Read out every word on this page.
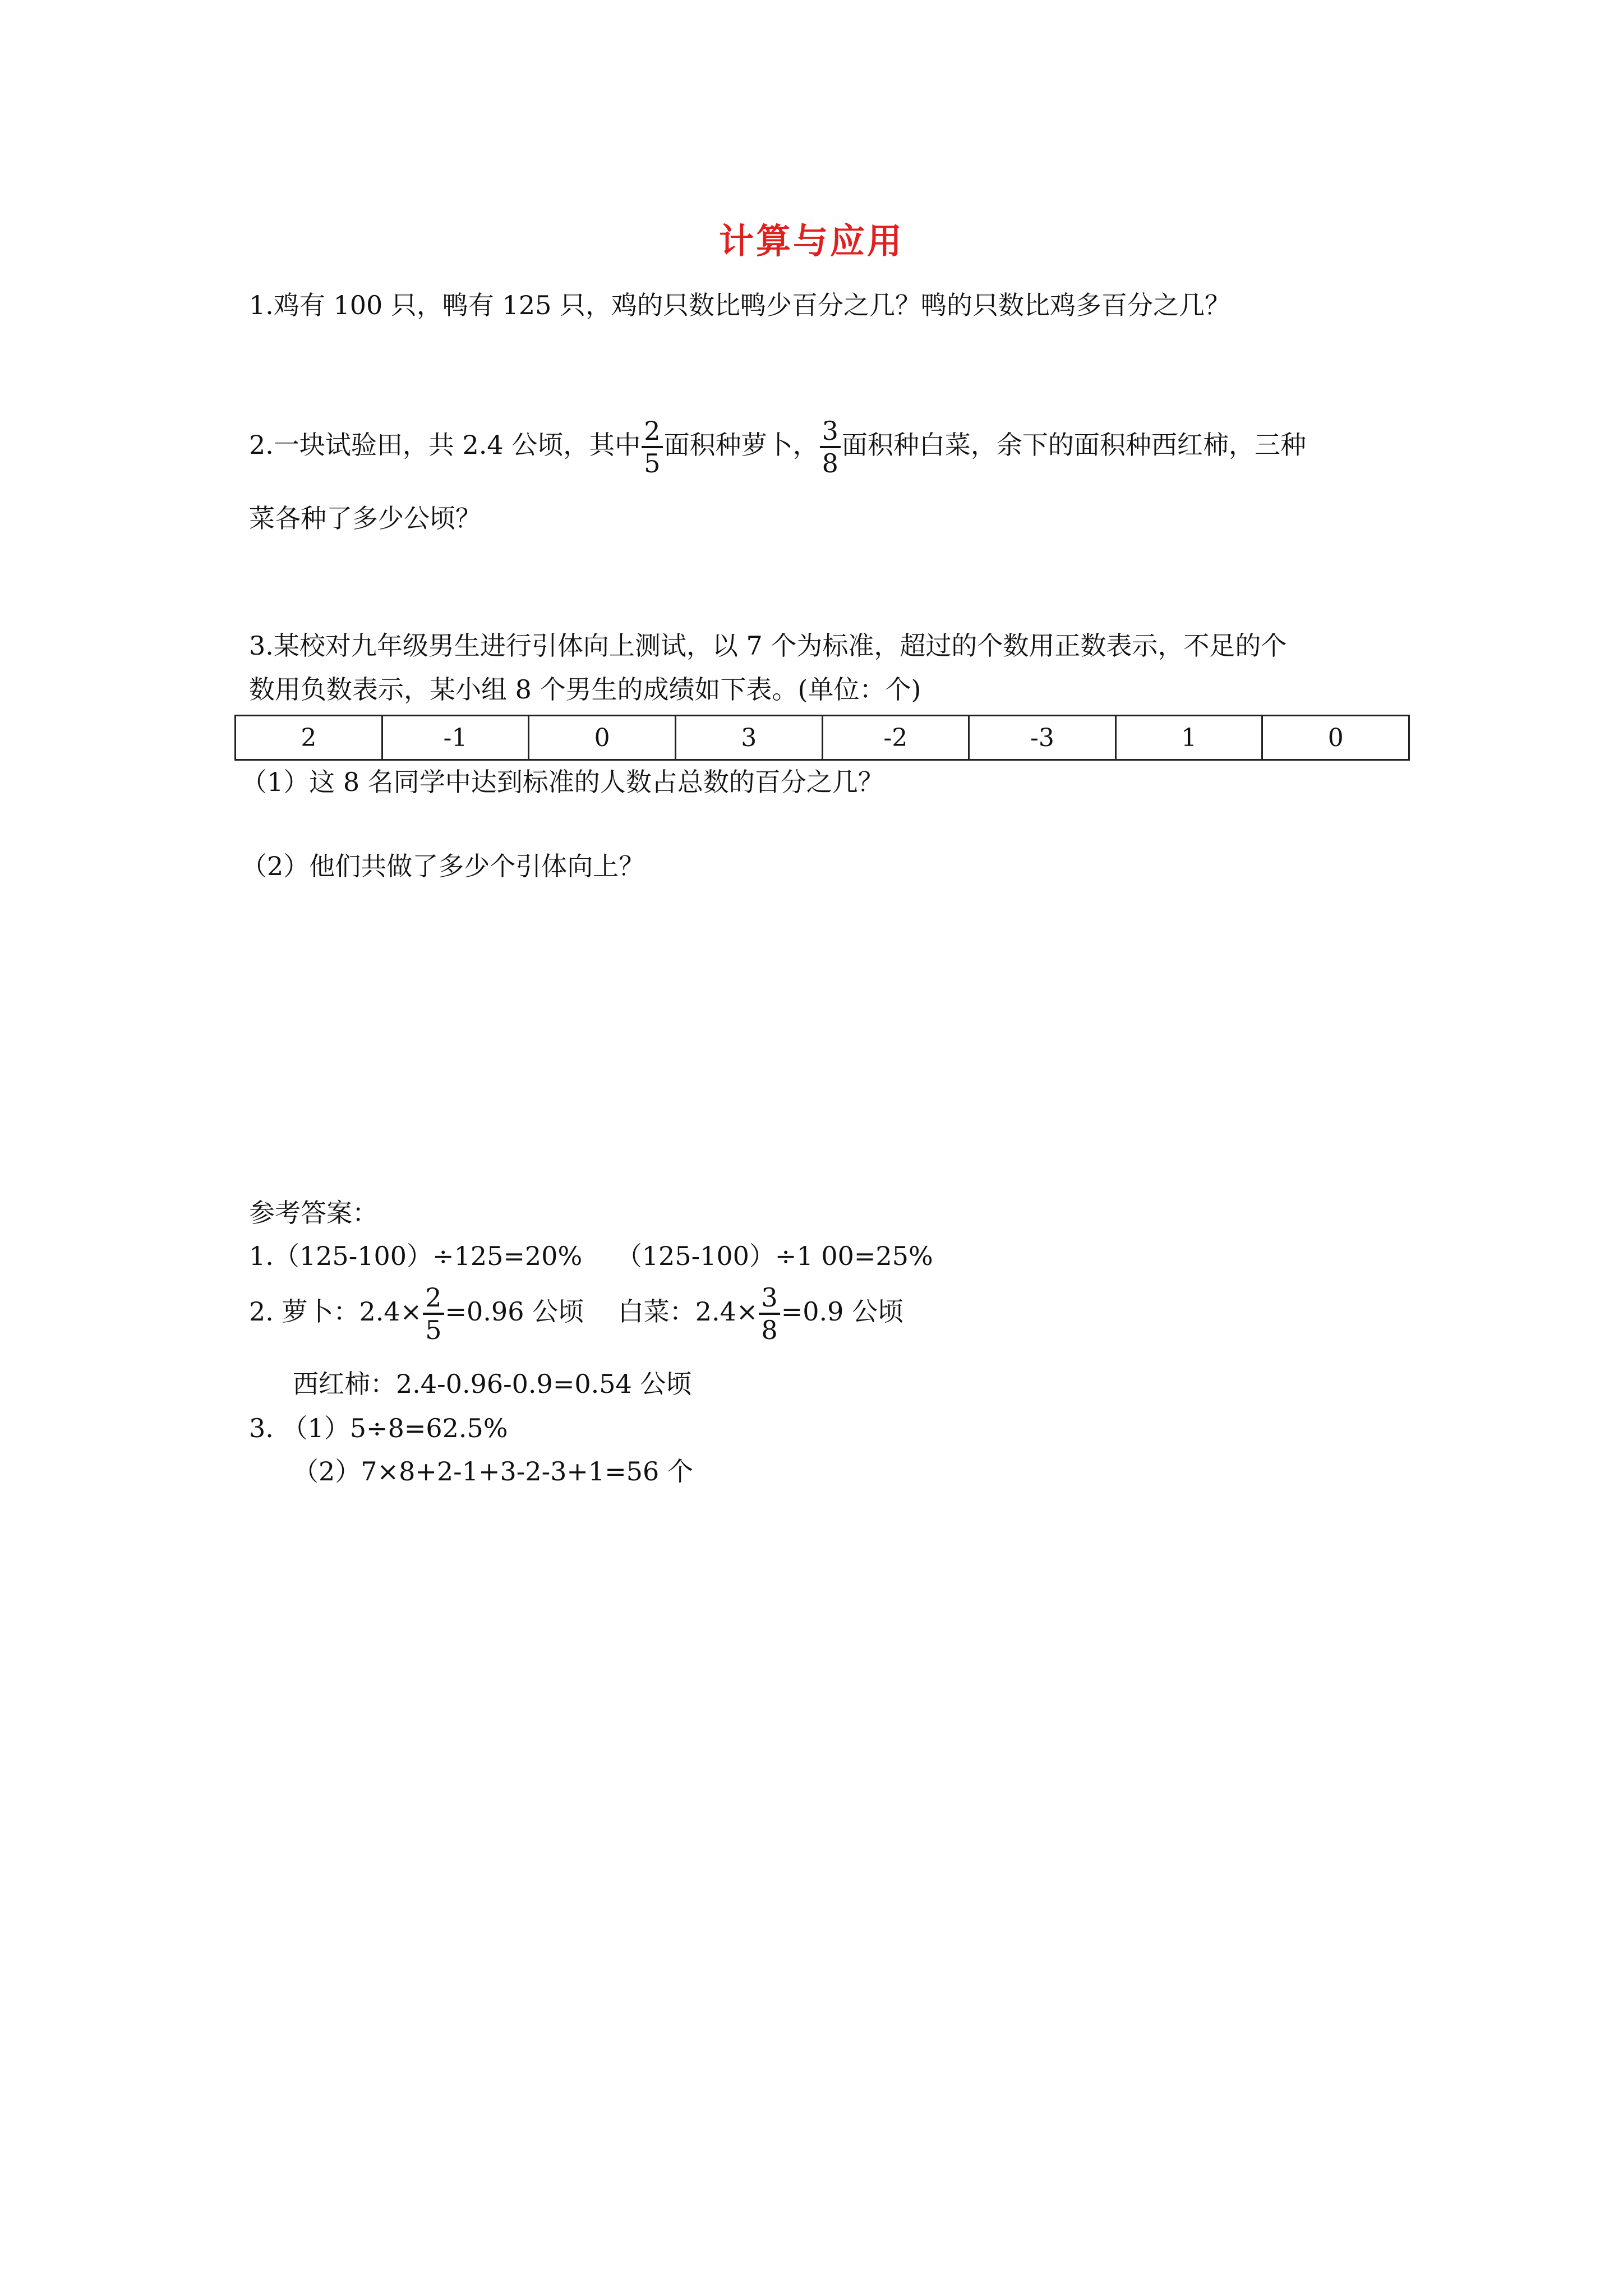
计算与应用
1.鸡有 100 只，鸭有 125 只，鸡的只数比鸭少百分之几？鸭的只数比鸡多百分之几？
2.一块试验田，共 2.4 公顷，其中 $\frac{2}{5}$ 面积种萝卜， $\frac{3}{8}$ 面积种白菜，余下的面积种西红柿，三种
菜各种了多少公顷？
3.某校对九年级男生进行引体向上测试，以 7 个为标准，超过的个数用正数表示，不足的个
数用负数表示，某小组 8 个男生的成绩如下表。(单位：个)
2	-1	0	3	-2	-3	1	0
（1）这 8 名同学中达到标准的人数占总数的百分之几？
（2）他们共做了多少个引体向上？
参考答案：
1.（125-100）÷125=20%　 （125-100）÷1 00=25%
2. 萝卜：$2.4\times \frac{2}{5} =0.96$ 公顷　 白菜：$2.4\times \frac{3}{8} =0.9$ 公顷
西红柿：2.4-0.96-0.9=0.54 公顷
3. （1）5÷8=62.5%
（2）7×8+2-1+3-2-3+1=56 个
